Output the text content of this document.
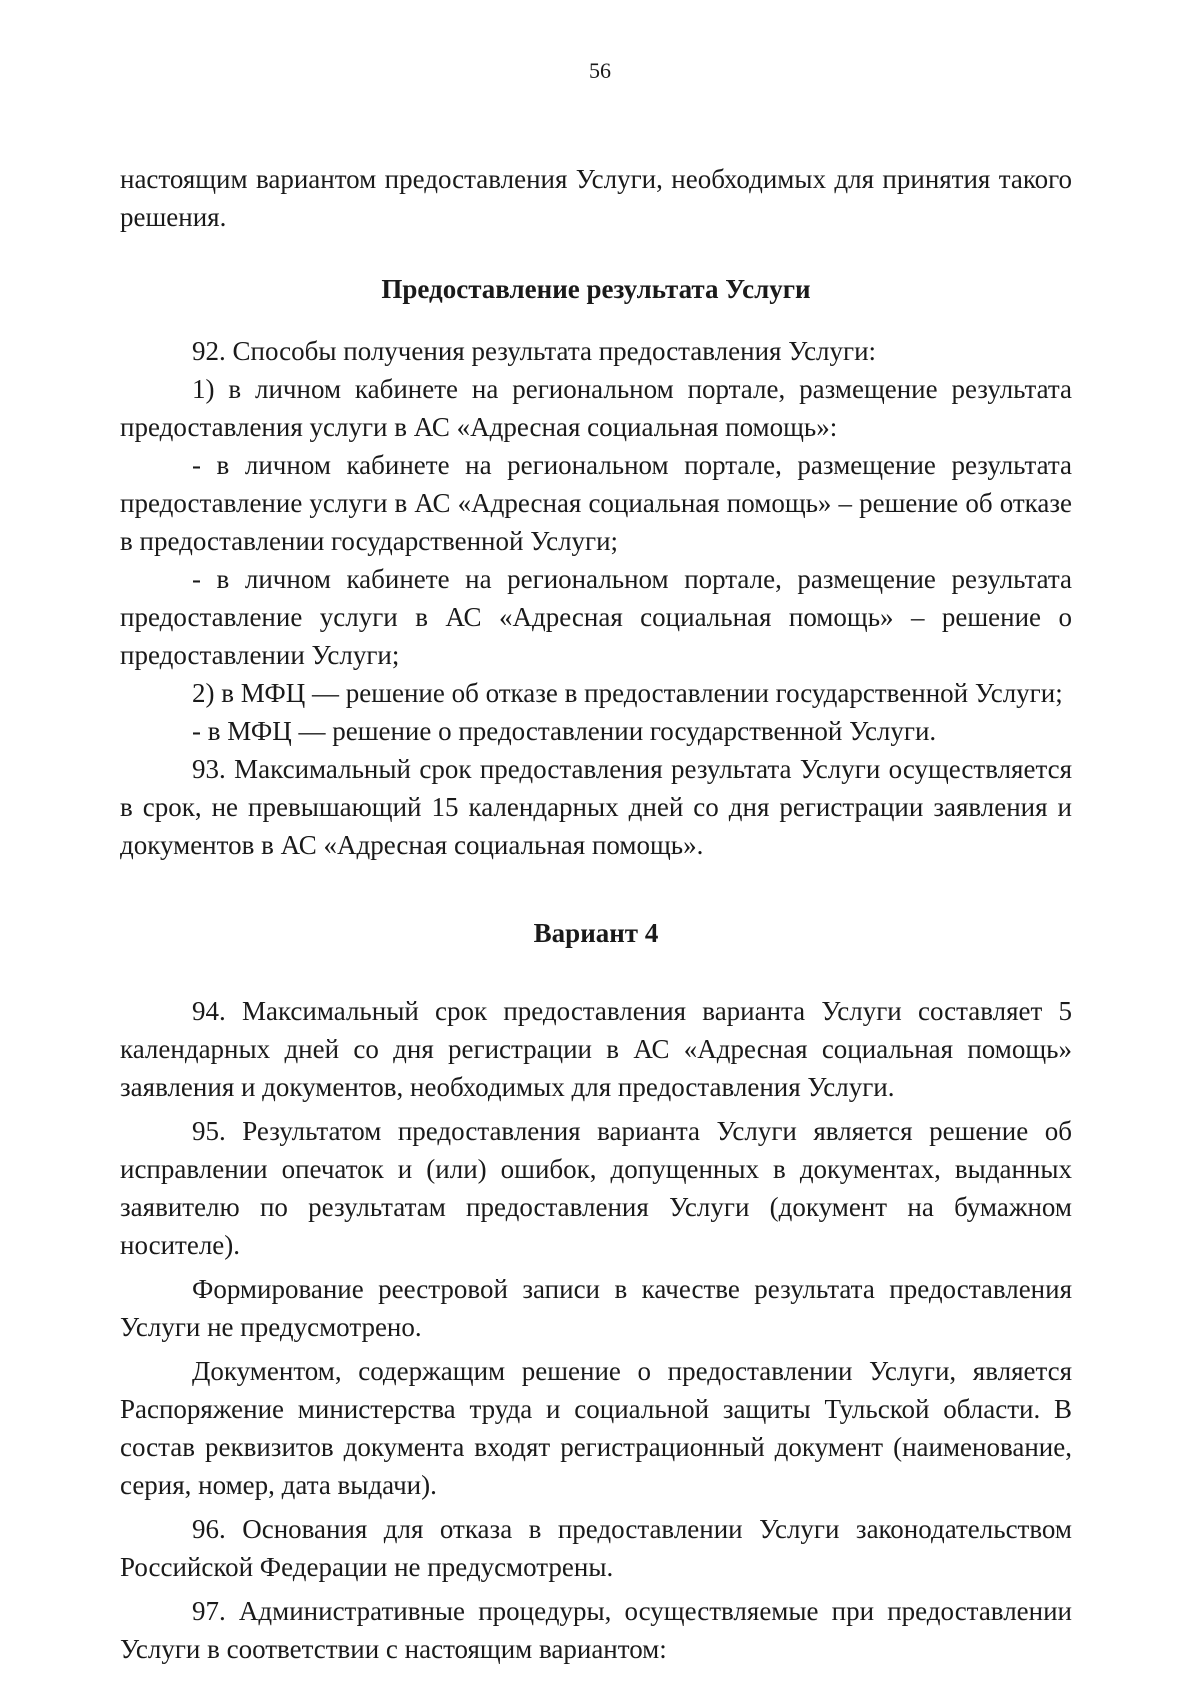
56

настоящим вариантом предоставления Услуги, необходимых для принятия такого решения.

Предоставление результата Услуги

92. Способы получения результата предоставления Услуги:

1) в личном кабинете на региональном портале, размещение результата предоставления услуги в АС «Адресная социальная помощь»:

- в личном кабинете на региональном портале, размещение результата предоставление услуги в АС «Адресная социальная помощь» – решение об отказе в предоставлении государственной Услуги;

- в личном кабинете на региональном портале, размещение результата предоставление услуги в АС «Адресная социальная помощь» – решение о предоставлении Услуги;

2) в МФЦ — решение об отказе в предоставлении государственной Услуги;

- в МФЦ — решение о предоставлении государственной Услуги.

93. Максимальный срок предоставления результата Услуги осуществляется в срок, не превышающий 15 календарных дней со дня регистрации заявления и документов в АС «Адресная социальная помощь».

Вариант 4

94. Максимальный срок предоставления варианта Услуги составляет 5 календарных дней со дня регистрации в АС «Адресная социальная помощь» заявления и документов, необходимых для предоставления Услуги.

95. Результатом предоставления варианта Услуги является решение об исправлении опечаток и (или) ошибок, допущенных в документах, выданных заявителю по результатам предоставления Услуги (документ на бумажном носителе).

Формирование реестровой записи в качестве результата предоставления Услуги не предусмотрено.

Документом, содержащим решение о предоставлении Услуги, является Распоряжение министерства труда и социальной защиты Тульской области. В состав реквизитов документа входят регистрационный документ (наименование, серия, номер, дата выдачи).

96. Основания для отказа в предоставлении Услуги законодательством Российской Федерации не предусмотрены.

97. Административные процедуры, осуществляемые при предоставлении Услуги в соответствии с настоящим вариантом:
